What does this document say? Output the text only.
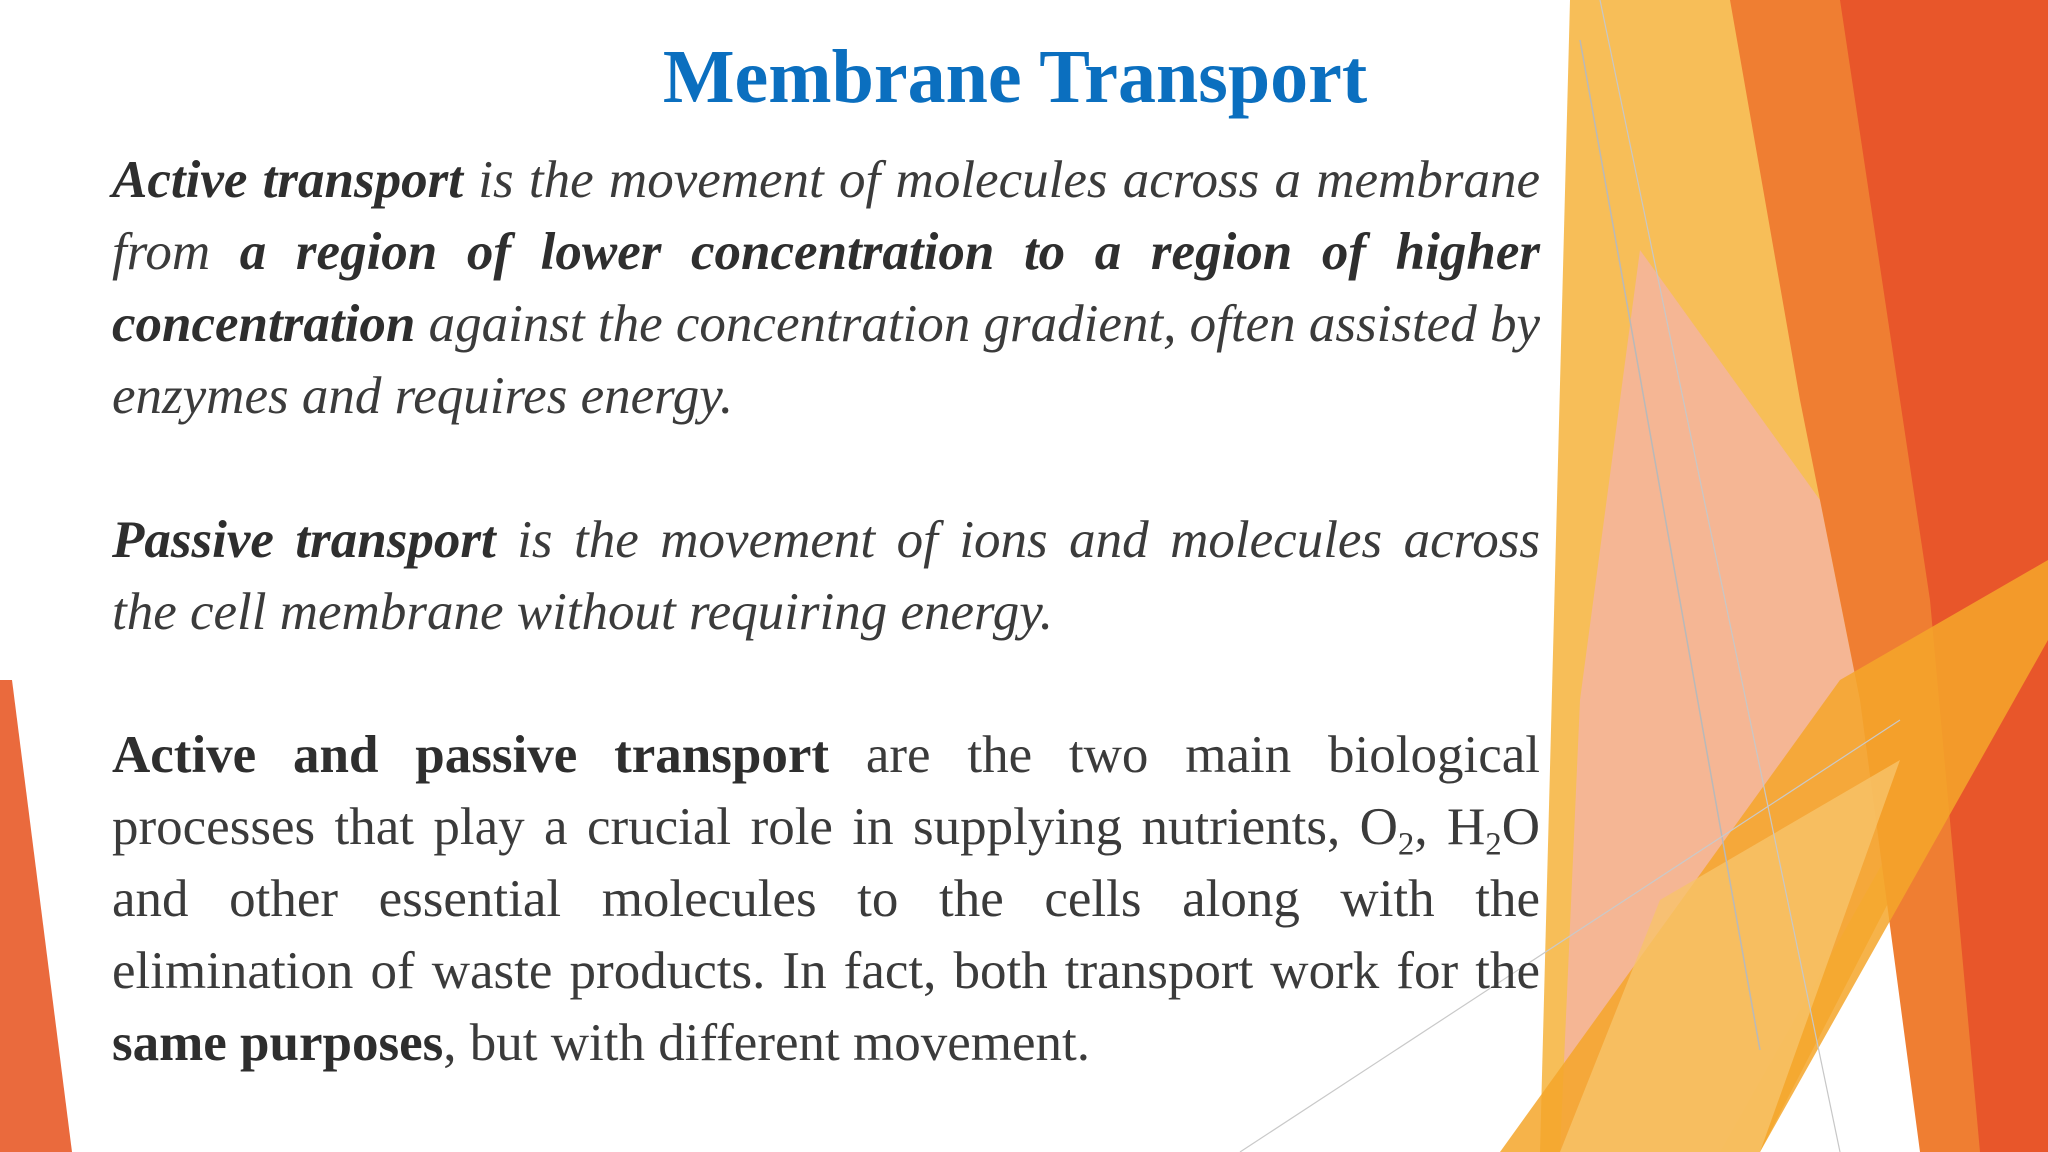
Membrane Transport

Active transport is the movement of molecules across a membrane from a region of lower concentration to a region of higher concentration against the concentration gradient, often assisted by enzymes and requires energy.

Passive transport is the movement of ions and molecules across the cell membrane without requiring energy.

Active and passive transport are the two main biological processes that play a crucial role in supplying nutrients, $O_2$, $H_2O$ and other essential molecules to the cells along with the elimination of waste products. In fact, both transport work for the same purposes, but with different movement.
